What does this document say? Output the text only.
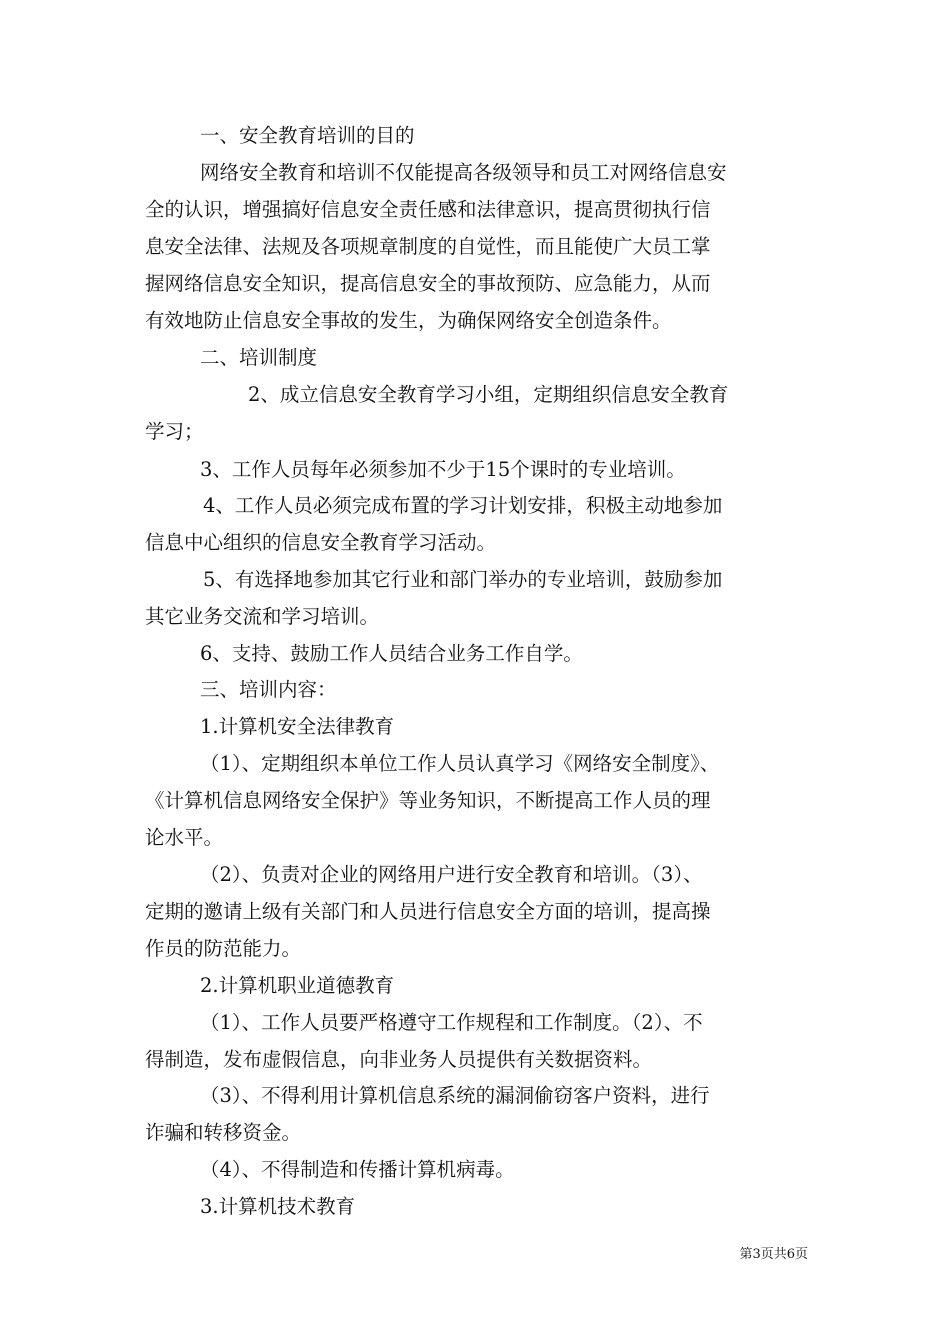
一、安全教育培训的目的

网络安全教育和培训不仅能提高各级领导和员工对网络信息安

全的认识，增强搞好信息安全责任感和法律意识，提高贯彻执行信

息安全法律、法规及各项规章制度的自觉性，而且能使广大员工掌

握网络信息安全知识，提高信息安全的事故预防、应急能力，从而

有效地防止信息安全事故的发生，为确保网络安全创造条件。

二、培训制度

2、成立信息安全教育学习小组，定期组织信息安全教育

学习；

3、工作人员每年必须参加不少于15个课时的专业培训。

4、工作人员必须完成布置的学习计划安排，积极主动地参加

信息中心组织的信息安全教育学习活动。

5、有选择地参加其它行业和部门举办的专业培训，鼓励参加

其它业务交流和学习培训。

6、支持、鼓励工作人员结合业务工作自学。

三、培训内容：

1.计算机安全法律教育

（1）、定期组织本单位工作人员认真学习《网络安全制度》、

《计算机信息网络安全保护》等业务知识，不断提高工作人员的理

论水平。

（2）、负责对企业的网络用户进行安全教育和培训。（3）、

定期的邀请上级有关部门和人员进行信息安全方面的培训，提高操

作员的防范能力。

2.计算机职业道德教育

（1）、工作人员要严格遵守工作规程和工作制度。（2）、不

得制造，发布虚假信息，向非业务人员提供有关数据资料。

（3）、不得利用计算机信息系统的漏洞偷窃客户资料，进行

诈骗和转移资金。

（4）、不得制造和传播计算机病毒。

3.计算机技术教育

第3页共6页
